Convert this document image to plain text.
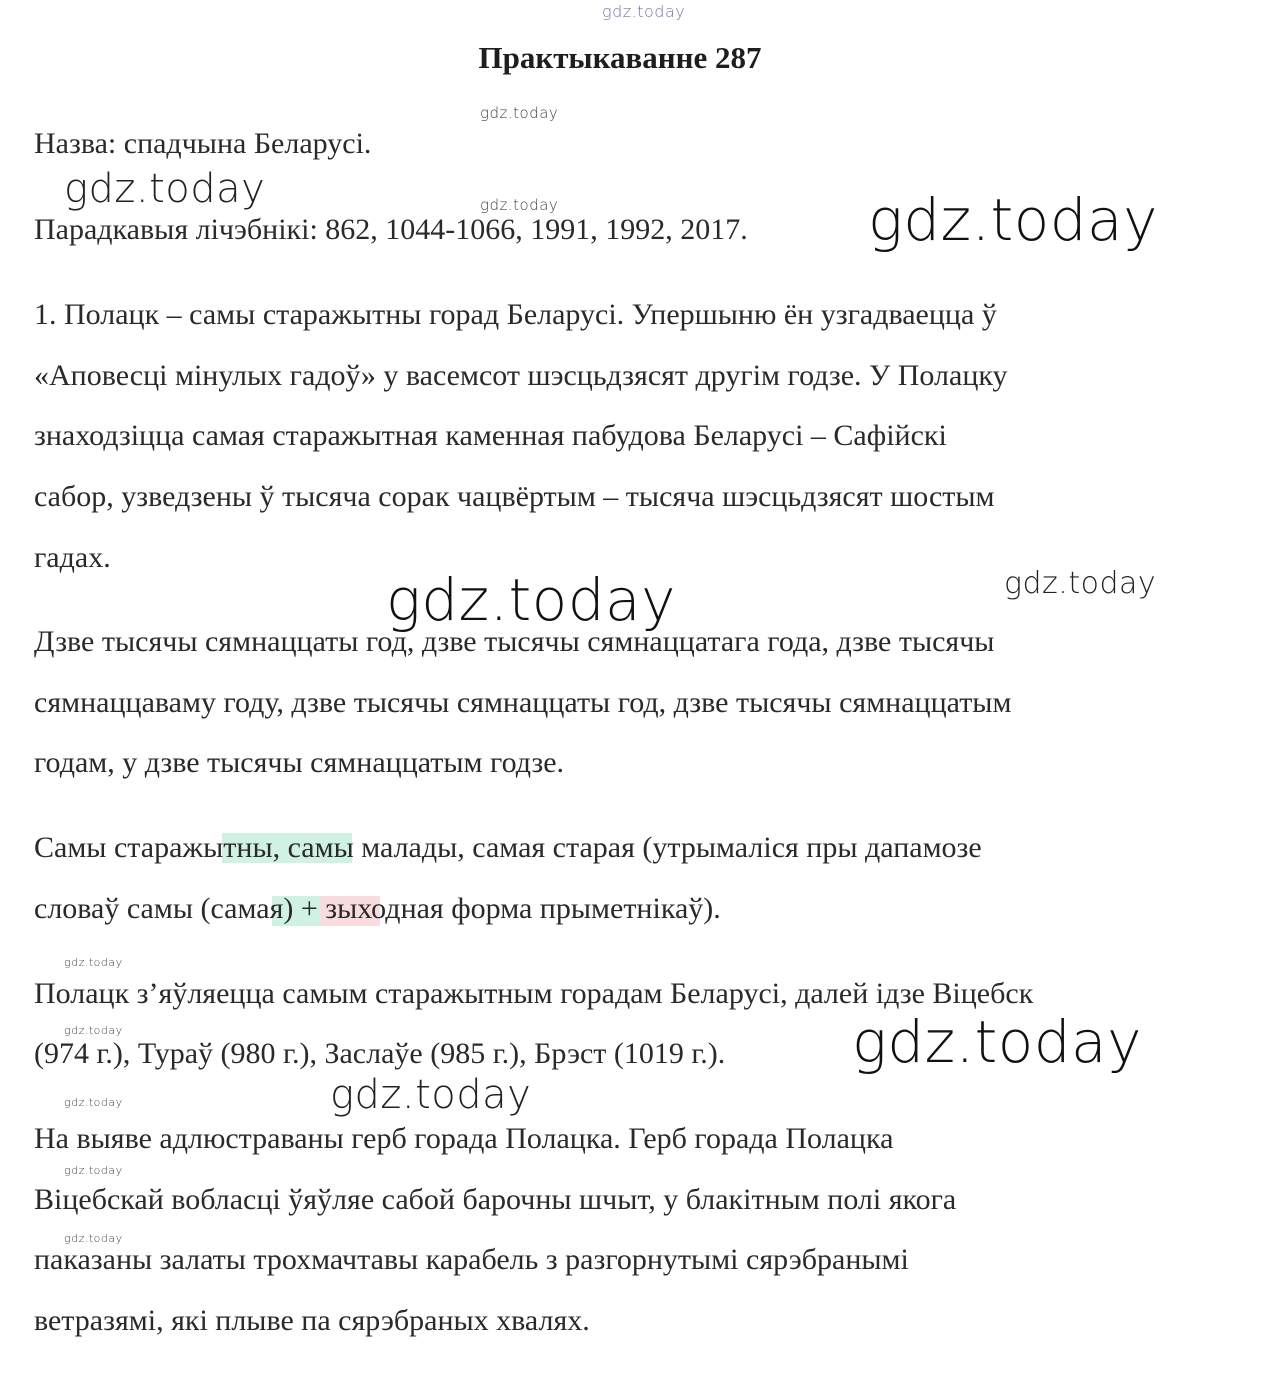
Практыкаванне 287
Назва: спадчына Беларусі.
Парадкавыя лічэбнікі: 862, 1044-1066, 1991, 1992, 2017.
1. Полацк – самы старажытны горад Беларусі. Упершыню ён узгадваецца ў
«Аповесці мінулых гадоў» у васемсот шэсцьдзясят другім годзе. У Полацку
знаходзіцца самая старажытная каменная пабудова Беларусі – Сафійскі
сабор, узведзены ў тысяча сорак чацвёртым – тысяча шэсцьдзясят шостым
гадах.
Дзве тысячы сямнаццаты год, дзве тысячы сямнаццатага года, дзве тысячы
сямнаццаваму году, дзве тысячы сямнаццаты год, дзве тысячы сямнаццатым
годам, у дзве тысячы сямнаццатым годзе.
Самы старажытны, самы малады, самая старая (утрымаліся пры дапамозе
словаў самы (самая) + зыходная форма прыметнікаў).
Полацк з’яўляецца самым старажытным горадам Беларусі, далей ідзе Віцебск
(974 г.), Тураў (980 г.), Заслаўе (985 г.), Брэст (1019 г.).
На выяве адлюстраваны герб горада Полацка. Герб горада Полацка
Віцебскай вобласці ўяўляе сабой барочны шчыт, у блакітным полі якога
паказаны залаты трохмачтавы карабель з разгорнутымі сярэбранымі
ветразямі, які плыве па сярэбраных хвалях.
gdz.today
gdz.today
gdz.today	gdz.today	gdz.today
gdz.today	gdz.today
gdz.today
gdz.today	gdz.today
gdz.today
gdz.today
gdz.today
gdz.today
